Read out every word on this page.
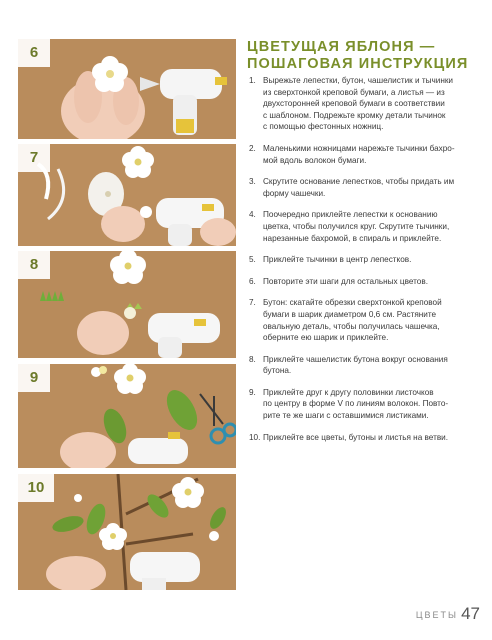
6
7
8
9
10
ЦВЕТУЩАЯ ЯБЛОНЯ —
ПОШАГОВАЯ ИНСТРУКЦИЯ
1. Вырежьте лепестки, бутон, чашелистик и тычинки
из сверхтонкой креповой бумаги, а листья — из
двухсторонней креповой бумаги в соответствии
с шаблоном. Подрежьте кромку детали тычинок
с помощью фестонных ножниц.
2. Маленькими ножницами нарежьте тычинки бахро-
мой вдоль волокон бумаги.
3. Скрутите основание лепестков, чтобы придать им
форму чашечки.
4. Поочередно приклейте лепестки к основанию
цветка, чтобы получился круг. Скрутите тычинки,
нарезанные бахромой, в спираль и приклейте.
5. Приклейте тычинки в центр лепестков.
6. Повторите эти шаги для остальных цветов.
7. Бутон: скатайте обрезки сверхтонкой креповой
бумаги в шарик диаметром 0,6 см. Растяните
овальную деталь, чтобы получилась чашечка,
оберните ею шарик и приклейте.
8. Приклейте чашелистик бутона вокруг основания
бутона.
9. Приклейте друг к другу половинки листочков
по центру в форме V по линиям волокон. Повто-
рите те же шаги с оставшимися листиками.
10. Приклейте все цветы, бутоны и листья на ветви.
ЦВЕТЫ 47
